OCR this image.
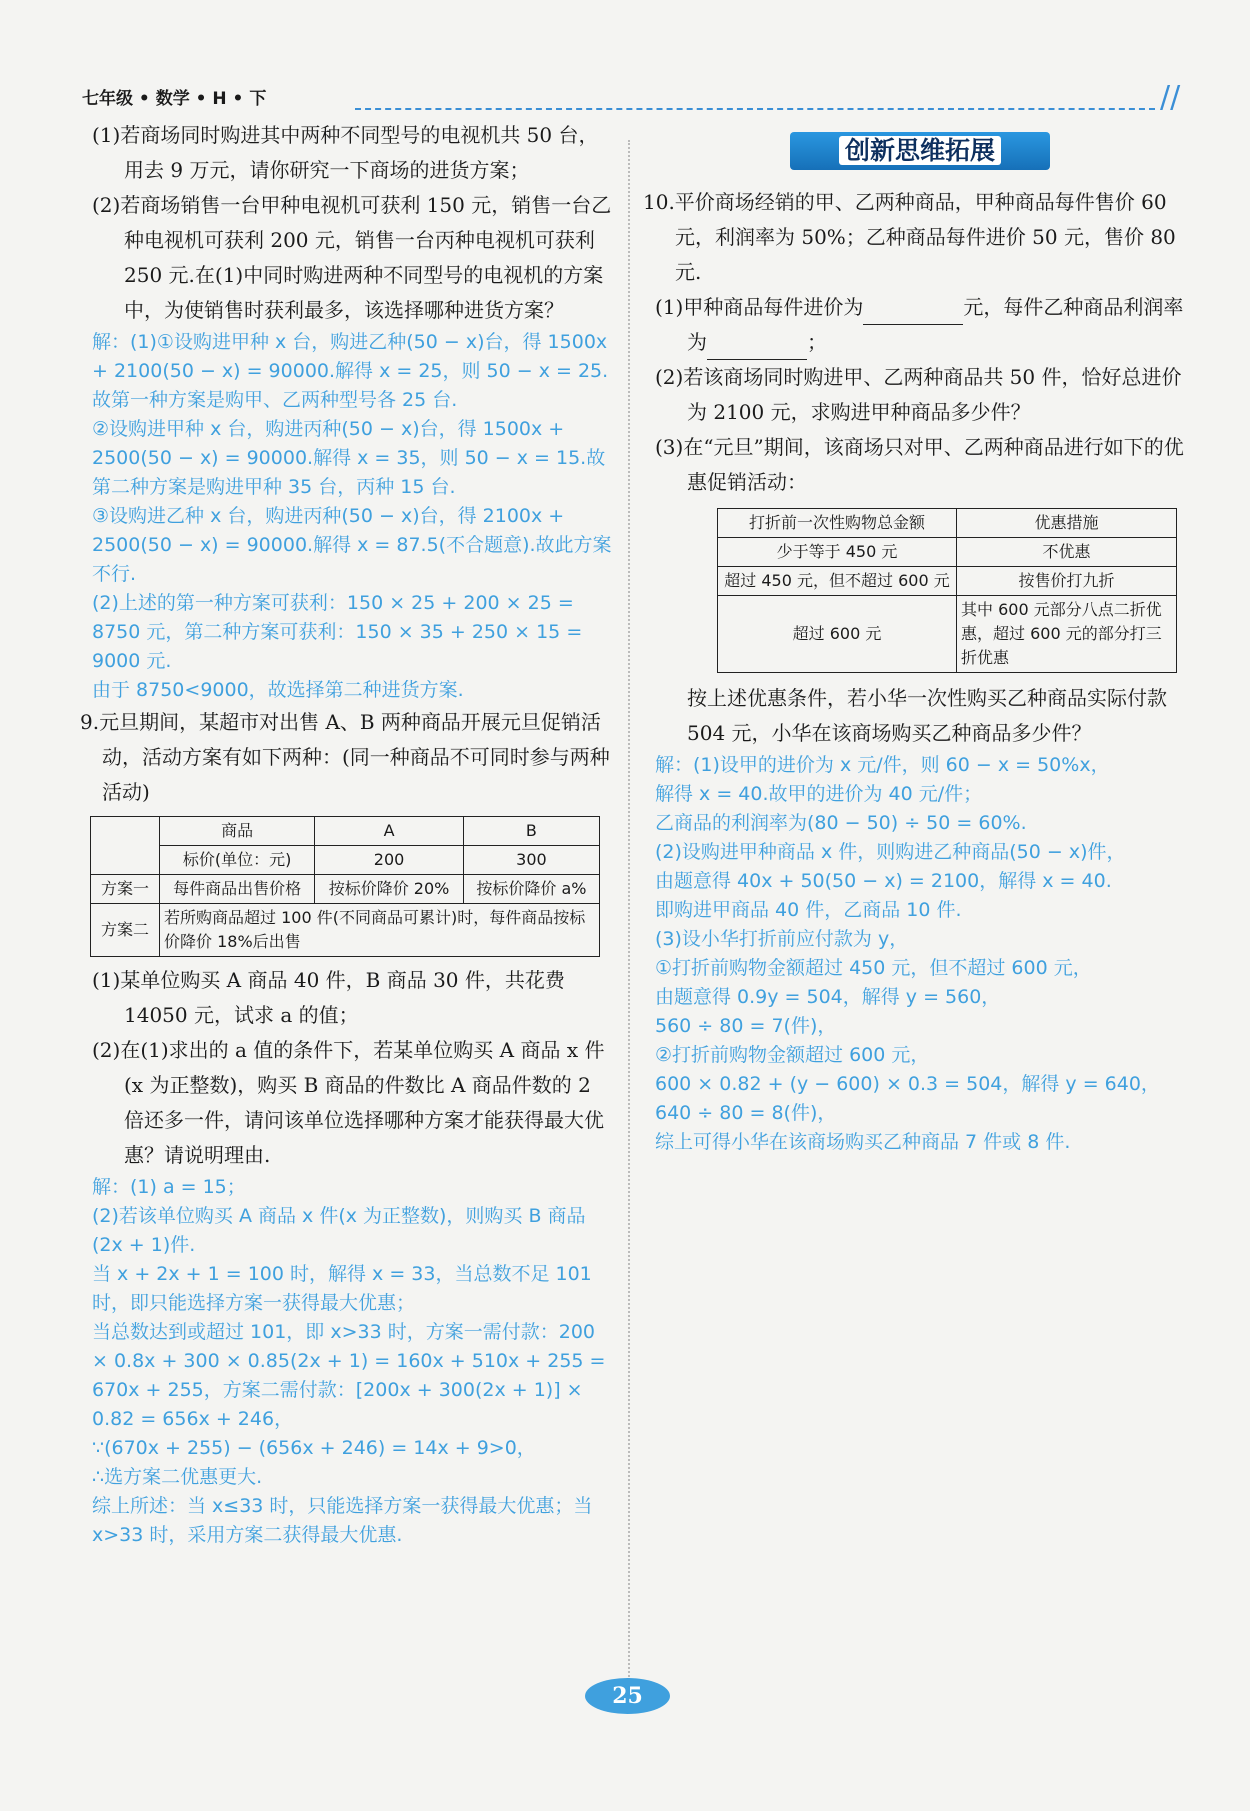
七年级 • 数学 • H • 下	//
创新思维拓展

(1)若商场同时购进其中两种不同型号的电视机共 50 台，用去 9 万元，请你研究一下商场的进货方案；

(2)若商场销售一台甲种电视机可获利 150 元，销售一台乙种电视机可获利 200 元，销售一台丙种电视机可获利 250 元.在(1)中同时购进两种不同型号的电视机的方案中，为使销售时获利最多，该选择哪种进货方案？

解：(1)①设购进甲种 x 台，购进乙种(50 − x)台，得 1500x + 2100(50 − x) = 90000.解得 x = 25，则 50 − x = 25.故第一种方案是购甲、乙两种型号各 25 台.

②设购进甲种 x 台，购进丙种(50 − x)台，得 1500x + 2500(50 − x) = 90000.解得 x = 35，则 50 − x = 15.故第二种方案是购进甲种 35 台，丙种 15 台.

③设购进乙种 x 台，购进丙种(50 − x)台，得 2100x + 2500(50 − x) = 90000.解得 x = 87.5(不合题意).故此方案不行.

(2)上述的第一种方案可获利：150 × 25 + 200 × 25 = 8750 元，第二种方案可获利：150 × 35 + 250 × 15 = 9000 元.

由于 8750<9000，故选择第二种进货方案.

9.元旦期间，某超市对出售 A、B 两种商品开展元旦促销活动，活动方案有如下两种：(同一种商品不可同时参与两种活动)

	商品	A	B
	标价(单位：元)	200	300
方案一	每件商品出售价格	按标价降价 20%	按标价降价 a%
方案二	若所购商品超过 100 件(不同商品可累计)时，每件商品按标价降价 18%后出售		

(1)某单位购买 A 商品 40 件，B 商品 30 件，共花费 14050 元，试求 a 的值；

(2)在(1)求出的 a 值的条件下，若某单位购买 A 商品 x 件(x 为正整数)，购买 B 商品的件数比 A 商品件数的 2 倍还多一件，请问该单位选择哪种方案才能获得最大优惠？请说明理由.

解：(1) a = 15；

(2)若该单位购买 A 商品 x 件(x 为正整数)，则购买 B 商品(2x + 1)件.

当 x + 2x + 1 = 100 时，解得 x = 33，当总数不足 101 时，即只能选择方案一获得最大优惠；

当总数达到或超过 101，即 x>33 时，方案一需付款：200 × 0.8x + 300 × 0.85(2x + 1) = 160x + 510x + 255 = 670x + 255，方案二需付款：[200x + 300(2x + 1)] × 0.82 = 656x + 246，

∵(670x + 255) − (656x + 246) = 14x + 9>0，

∴选方案二优惠更大.

综上所述：当 x≤33 时，只能选择方案一获得最大优惠；当 x>33 时，采用方案二获得最大优惠.

10.平价商场经销的甲、乙两种商品，甲种商品每件售价 60 元，利润率为 50%；乙种商品每件进价 50 元，售价 80 元.

(1)甲种商品每件进价为	元，每件乙种商品利润率为	；

(2)若该商场同时购进甲、乙两种商品共 50 件，恰好总进价为 2100 元，求购进甲种商品多少件？

(3)在“元旦”期间，该商场只对甲、乙两种商品进行如下的优惠促销活动：

打折前一次性购物总金额	优惠措施
少于等于 450 元	不优惠
超过 450 元，但不超过 600 元	按售价打九折
超过 600 元	其中 600 元部分八点二折优惠，超过 600 元的部分打三折优惠

按上述优惠条件，若小华一次性购买乙种商品实际付款 504 元，小华在该商场购买乙种商品多少件？

解：(1)设甲的进价为 x 元/件，则 60 − x = 50%x，

解得 x = 40.故甲的进价为 40 元/件；

乙商品的利润率为(80 − 50) ÷ 50 = 60%.

(2)设购进甲种商品 x 件，则购进乙种商品(50 − x)件，

由题意得 40x + 50(50 − x) = 2100，解得 x = 40.

即购进甲商品 40 件，乙商品 10 件.

(3)设小华打折前应付款为 y，

①打折前购物金额超过 450 元，但不超过 600 元，

由题意得 0.9y = 504，解得 y = 560，

560 ÷ 80 = 7(件)，

②打折前购物金额超过 600 元，

600 × 0.82 + (y − 600) × 0.3 = 504，解得 y = 640，

640 ÷ 80 = 8(件)，

综上可得小华在该商场购买乙种商品 7 件或 8 件.

25
